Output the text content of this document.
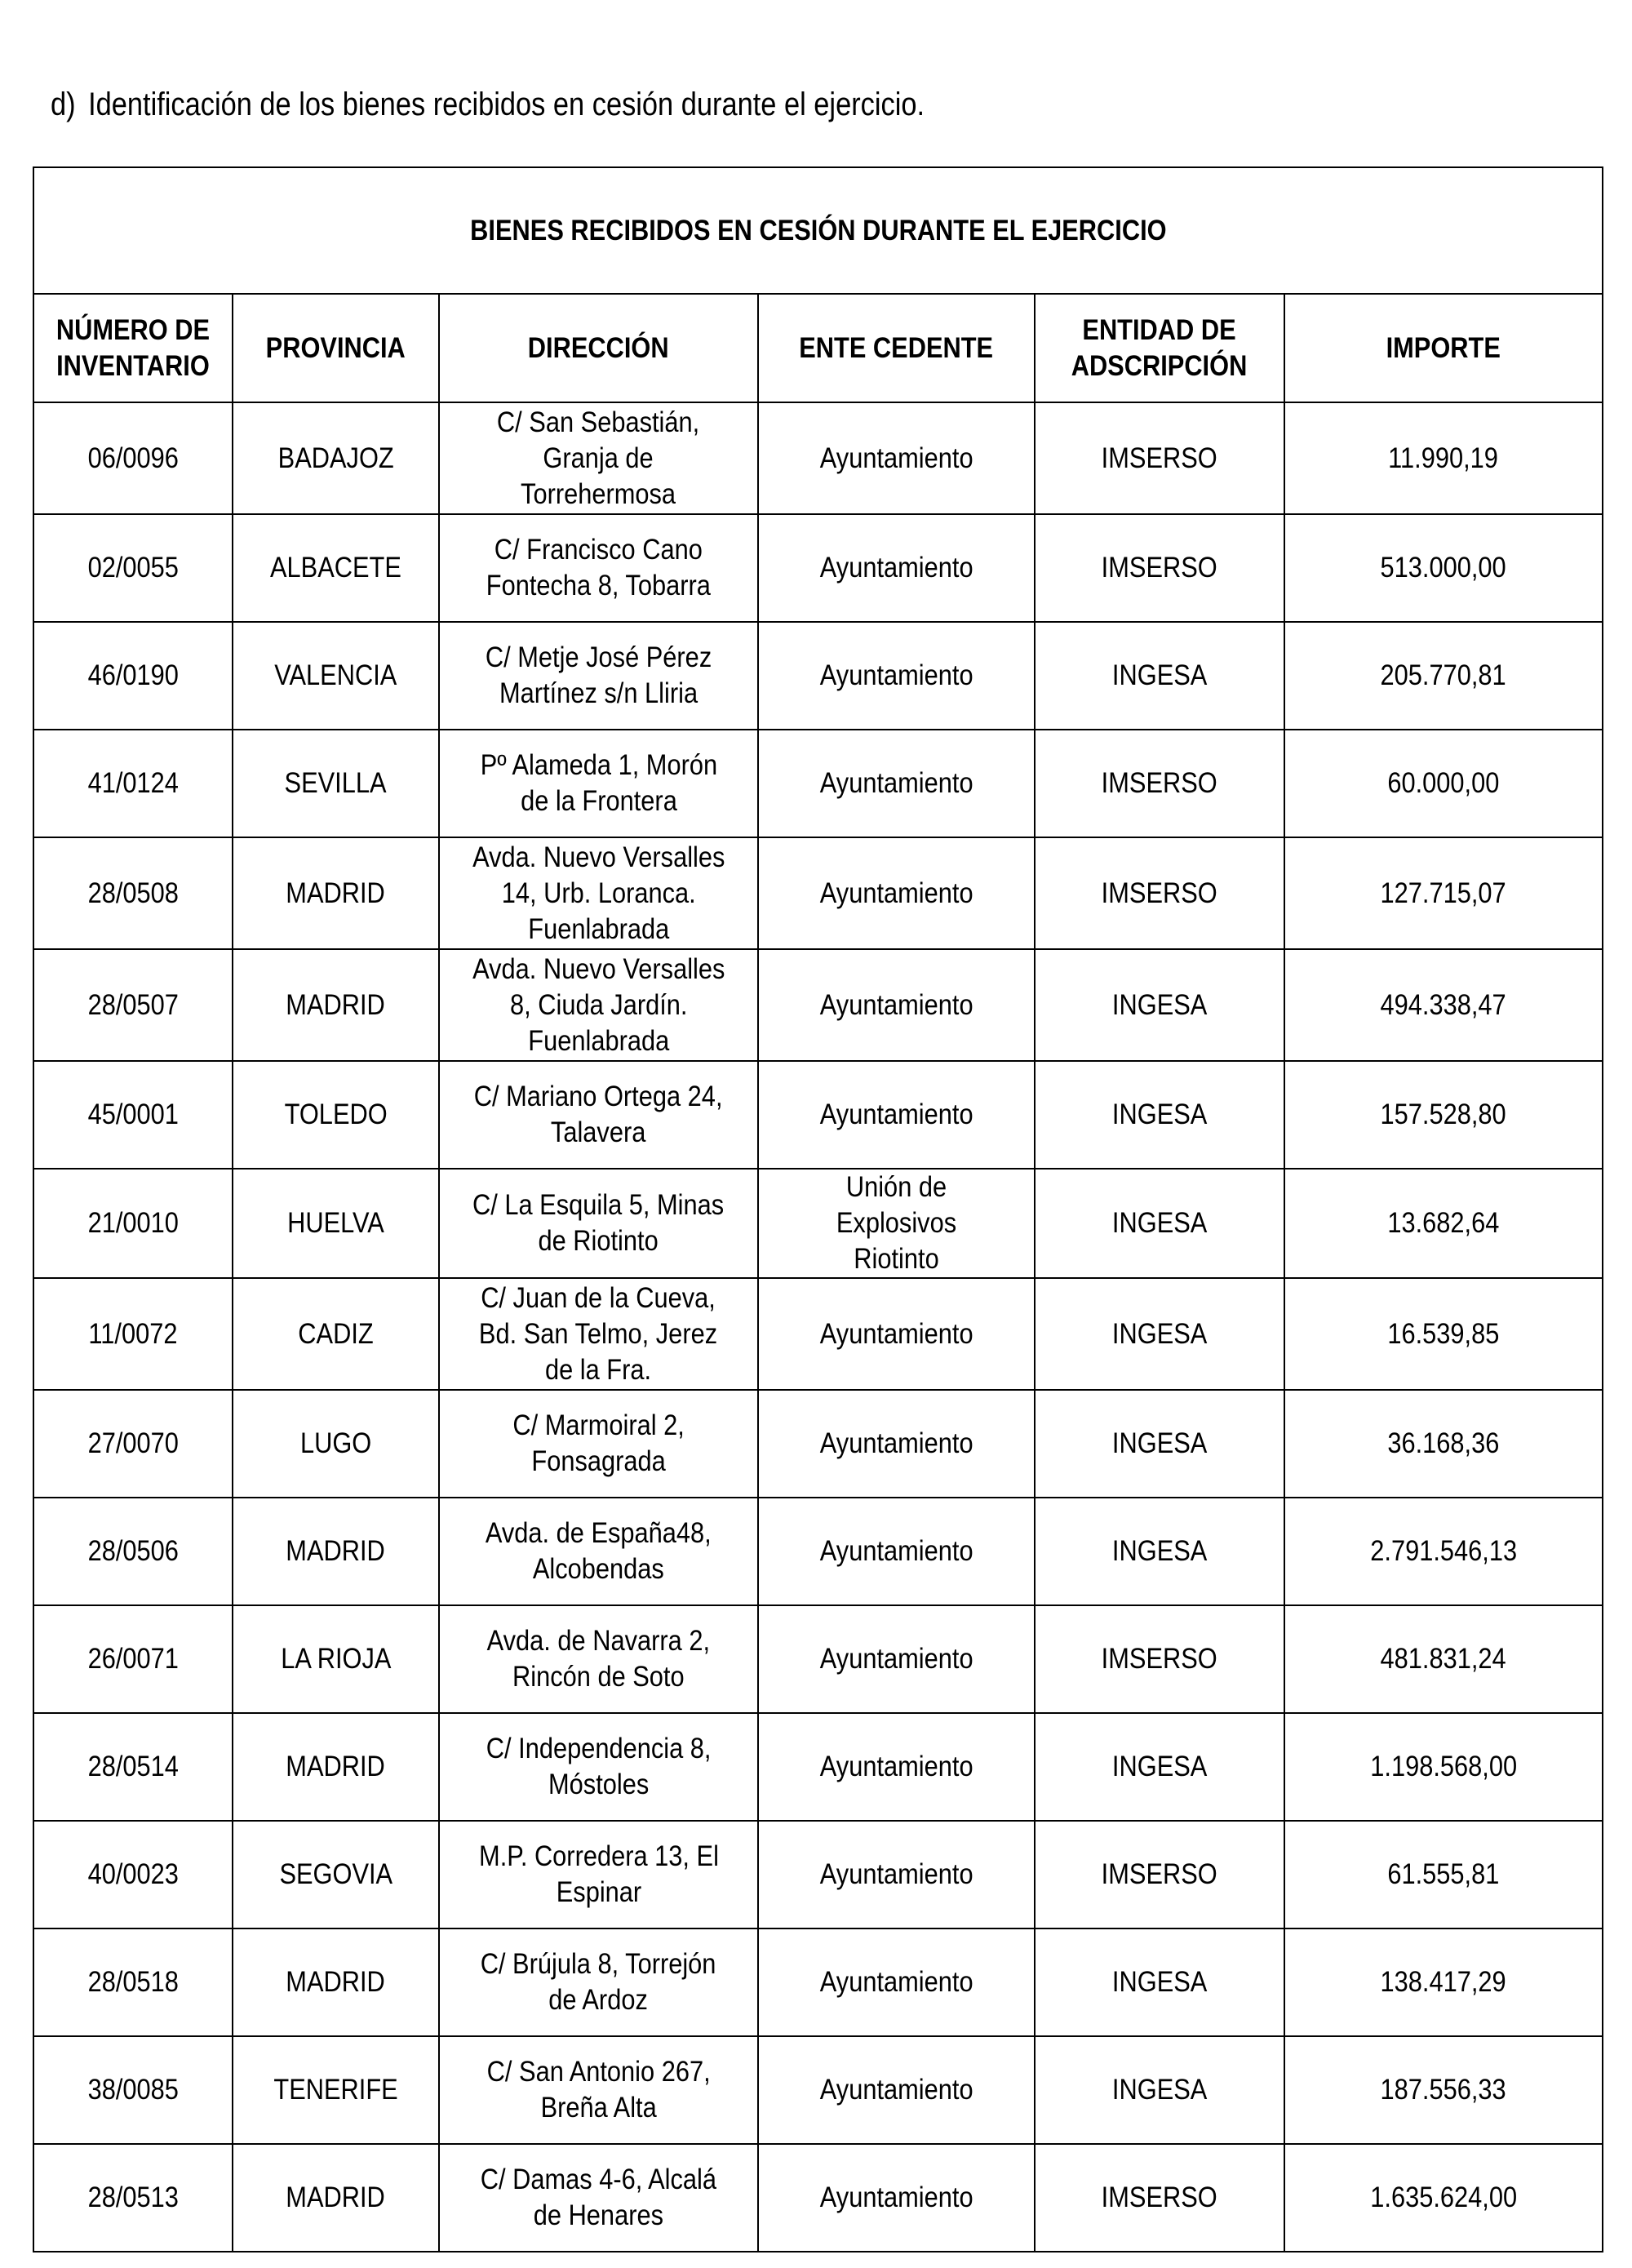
d) Identificación de los bienes recibidos en cesión durante el ejercicio.
BIENES RECIBIDOS EN CESIÓN DURANTE EL EJERCICIO					
NÚMERO DE
INVENTARIO	PROVINCIA	DIRECCIÓN	ENTE CEDENTE	ENTIDAD DE
ADSCRIPCIÓN	IMPORTE
06/0096	BADAJOZ	C/ San Sebastián,
Granja de
Torrehermosa	Ayuntamiento	IMSERSO	11.990,19
02/0055	ALBACETE	C/ Francisco Cano
Fontecha 8, Tobarra	Ayuntamiento	IMSERSO	513.000,00
46/0190	VALENCIA	C/ Metje José Pérez
Martínez s/n Lliria	Ayuntamiento	INGESA	205.770,81
41/0124	SEVILLA	Pº Alameda 1, Morón
de la Frontera	Ayuntamiento	IMSERSO	60.000,00
28/0508	MADRID	Avda. Nuevo Versalles
14, Urb. Loranca.
Fuenlabrada	Ayuntamiento	IMSERSO	127.715,07
28/0507	MADRID	Avda. Nuevo Versalles
8, Ciuda Jardín.
Fuenlabrada	Ayuntamiento	INGESA	494.338,47
45/0001	TOLEDO	C/ Mariano Ortega 24,
Talavera	Ayuntamiento	INGESA	157.528,80
21/0010	HUELVA	C/ La Esquila 5, Minas
de Riotinto	Unión de Explosivos
Riotinto	INGESA	13.682,64
11/0072	CADIZ	C/ Juan de la Cueva,
Bd. San Telmo, Jerez
de la Fra.	Ayuntamiento	INGESA	16.539,85
27/0070	LUGO	C/ Marmoiral 2,
Fonsagrada	Ayuntamiento	INGESA	36.168,36
28/0506	MADRID	Avda. de España48,
Alcobendas	Ayuntamiento	INGESA	2.791.546,13
26/0071	LA RIOJA	Avda. de Navarra 2,
Rincón de Soto	Ayuntamiento	IMSERSO	481.831,24
28/0514	MADRID	C/ Independencia 8,
Móstoles	Ayuntamiento	INGESA	1.198.568,00
40/0023	SEGOVIA	M.P. Corredera 13, El
Espinar	Ayuntamiento	IMSERSO	61.555,81
28/0518	MADRID	C/ Brújula 8, Torrejón
de Ardoz	Ayuntamiento	INGESA	138.417,29
38/0085	TENERIFE	C/ San Antonio 267,
Breña Alta	Ayuntamiento	INGESA	187.556,33
28/0513	MADRID	C/ Damas 4-6, Alcalá
de Henares	Ayuntamiento	IMSERSO	1.635.624,00
